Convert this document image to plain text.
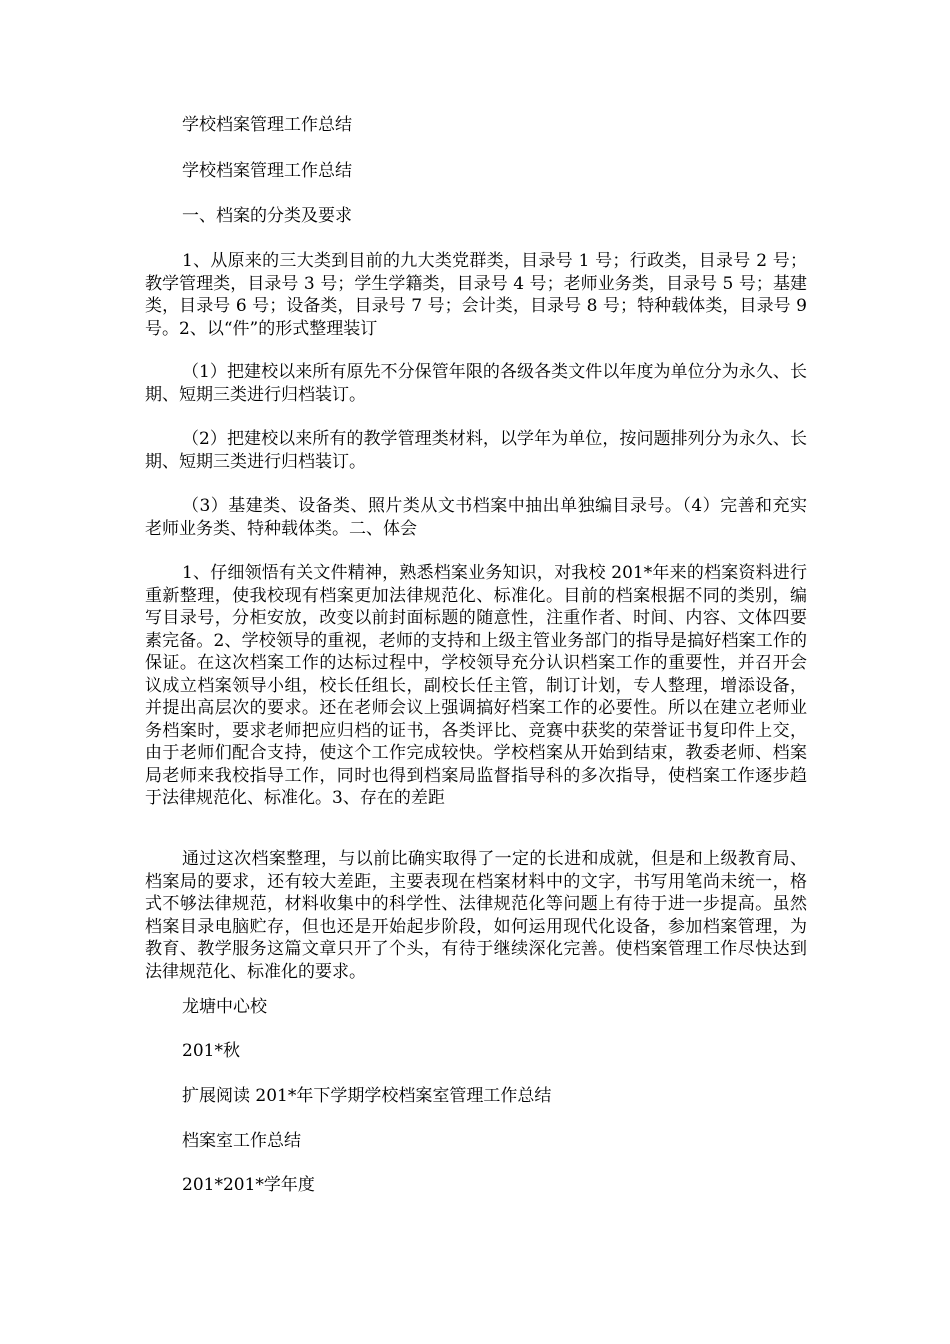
学校档案管理工作总结

学校档案管理工作总结

一、档案的分类及要求

1、从原来的三大类到目前的九大类党群类，目录号 1 号；行政类，目录号 2 号；教学管理类，目录号 3 号；学生学籍类，目录号 4 号；老师业务类，目录号 5 号；基建类，目录号 6 号；设备类，目录号 7 号；会计类，目录号 8 号；特种载体类，目录号 9 号。2、以“件”的形式整理装订

（1）把建校以来所有原先不分保管年限的各级各类文件以年度为单位分为永久、长期、短期三类进行归档装订。

（2）把建校以来所有的教学管理类材料，以学年为单位，按问题排列分为永久、长期、短期三类进行归档装订。

（3）基建类、设备类、照片类从文书档案中抽出单独编目录号。（4）完善和充实老师业务类、特种载体类。二、体会

1、仔细领悟有关文件精神，熟悉档案业务知识，对我校 201*年来的档案资料进行重新整理，使我校现有档案更加法律规范化、标准化。目前的档案根据不同的类别，编写目录号，分柜安放，改变以前封面标题的随意性，注重作者、时间、内容、文体四要素完备。2、学校领导的重视，老师的支持和上级主管业务部门的指导是搞好档案工作的保证。在这次档案工作的达标过程中，学校领导充分认识档案工作的重要性，并召开会议成立档案领导小组，校长任组长，副校长任主管，制订计划，专人整理，增添设备，并提出高层次的要求。还在老师会议上强调搞好档案工作的必要性。所以在建立老师业务档案时，要求老师把应归档的证书，各类评比、竞赛中获奖的荣誉证书复印件上交，由于老师们配合支持，使这个工作完成较快。学校档案从开始到结束，教委老师、档案局老师来我校指导工作，同时也得到档案局监督指导科的多次指导，使档案工作逐步趋于法律规范化、标准化。3、存在的差距

通过这次档案整理，与以前比确实取得了一定的长进和成就，但是和上级教育局、档案局的要求，还有较大差距，主要表现在档案材料中的文字，书写用笔尚未统一，格式不够法律规范，材料收集中的科学性、法律规范化等问题上有待于进一步提高。虽然档案目录电脑贮存，但也还是开始起步阶段，如何运用现代化设备，参加档案管理，为教育、教学服务这篇文章只开了个头，有待于继续深化完善。使档案管理工作尽快达到法律规范化、标准化的要求。

龙塘中心校

201*秋

扩展阅读 201*年下学期学校档案室管理工作总结

档案室工作总结

201*201*学年度
